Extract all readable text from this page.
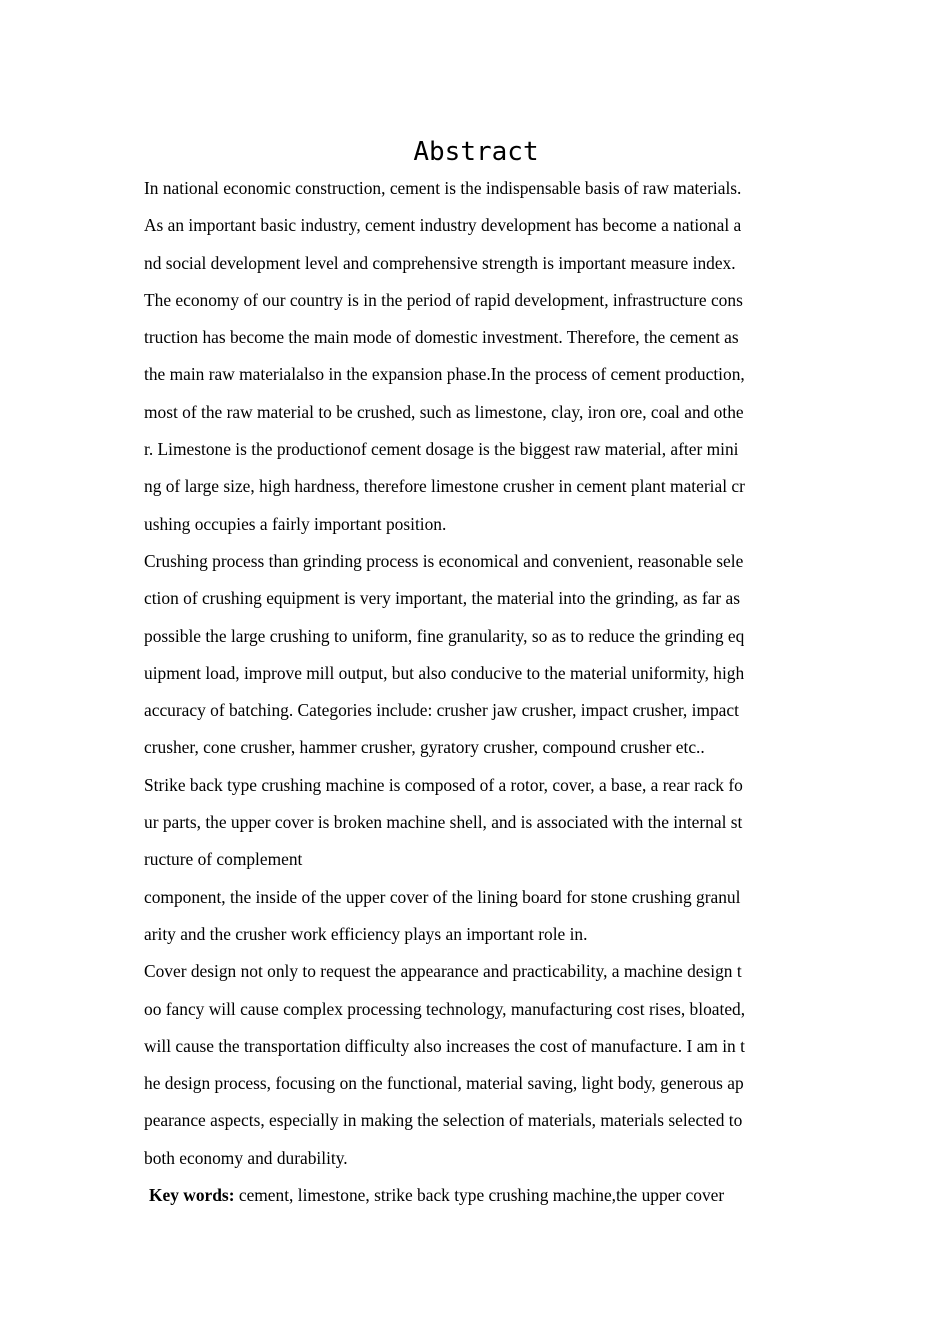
Abstract
In national economic construction, cement is the indispensable basis of raw materials.
As an important basic industry, cement industry development has become a national a
nd social development level and comprehensive strength is important measure index.
The economy of our country is in the period of rapid development, infrastructure cons
truction has become the main mode of domestic investment. Therefore, the cement as
the main raw materialalso in the expansion phase.In the process of cement production,
most of the raw material to be crushed, such as limestone, clay, iron ore, coal and othe
r. Limestone is the productionof cement dosage is the biggest raw material, after mini
ng of large size, high hardness, therefore limestone crusher in cement plant material cr
ushing occupies a fairly important position.
Crushing process than grinding process is economical and convenient, reasonable sele
ction of crushing equipment is very important, the material into the grinding, as far as
possible the large crushing to uniform, fine granularity, so as to reduce the grinding eq
uipment load, improve mill output, but also conducive to the material uniformity, high
accuracy of batching. Categories include: crusher jaw crusher, impact crusher, impact
crusher, cone crusher, hammer crusher, gyratory crusher, compound crusher etc..
Strike back type crushing machine is composed of a rotor, cover, a base, a rear rack fo
ur parts, the upper cover is broken machine shell, and is associated with the internal st
ructure of complement
component, the inside of the upper cover of the lining board for stone crushing granul
arity and the crusher work efficiency plays an important role in.
Cover design not only to request the appearance and practicability, a machine design t
oo fancy will cause complex processing technology, manufacturing cost rises, bloated,
will cause the transportation difficulty also increases the cost of manufacture. I am in t
he design process, focusing on the functional, material saving, light body, generous ap
pearance aspects, especially in making the selection of materials, materials selected to
both economy and durability.
Key words: cement, limestone, strike back type crushing machine,the upper cover
